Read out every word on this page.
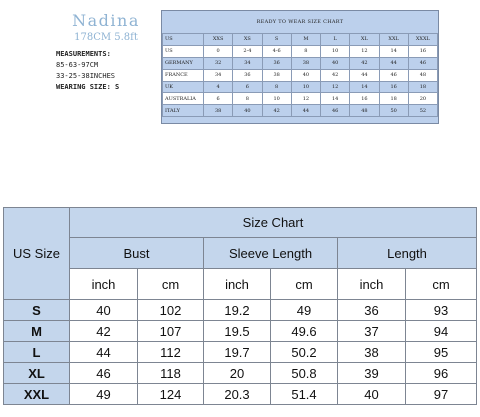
Nadina
178CM 5.8ft
MEASUREMENTS:
85-63-97CM
33-25-38INCHES
WEARING SIZE: S
READY TO WEAR SIZE CHART
US	XXS	XS	S	M	L	XL	XXL	XXXL
US	0	2-4	4-6	8	10	12	14	16
GERMANY	32	34	36	38	40	42	44	46
FRANCE	34	36	38	40	42	44	46	48
UK	4	6	8	10	12	14	16	18
AUSTRALIA	6	8	10	12	14	16	18	20
ITALY	38	40	42	44	46	48	50	52
US Size	Size Chart					
	Bust		Sleeve Length		Length	
	inch	cm	inch	cm	inch	cm
S	40	102	19.2	49	36	93
M	42	107	19.5	49.6	37	94
L	44	112	19.7	50.2	38	95
XL	46	118	20	50.8	39	96
XXL	49	124	20.3	51.4	40	97
